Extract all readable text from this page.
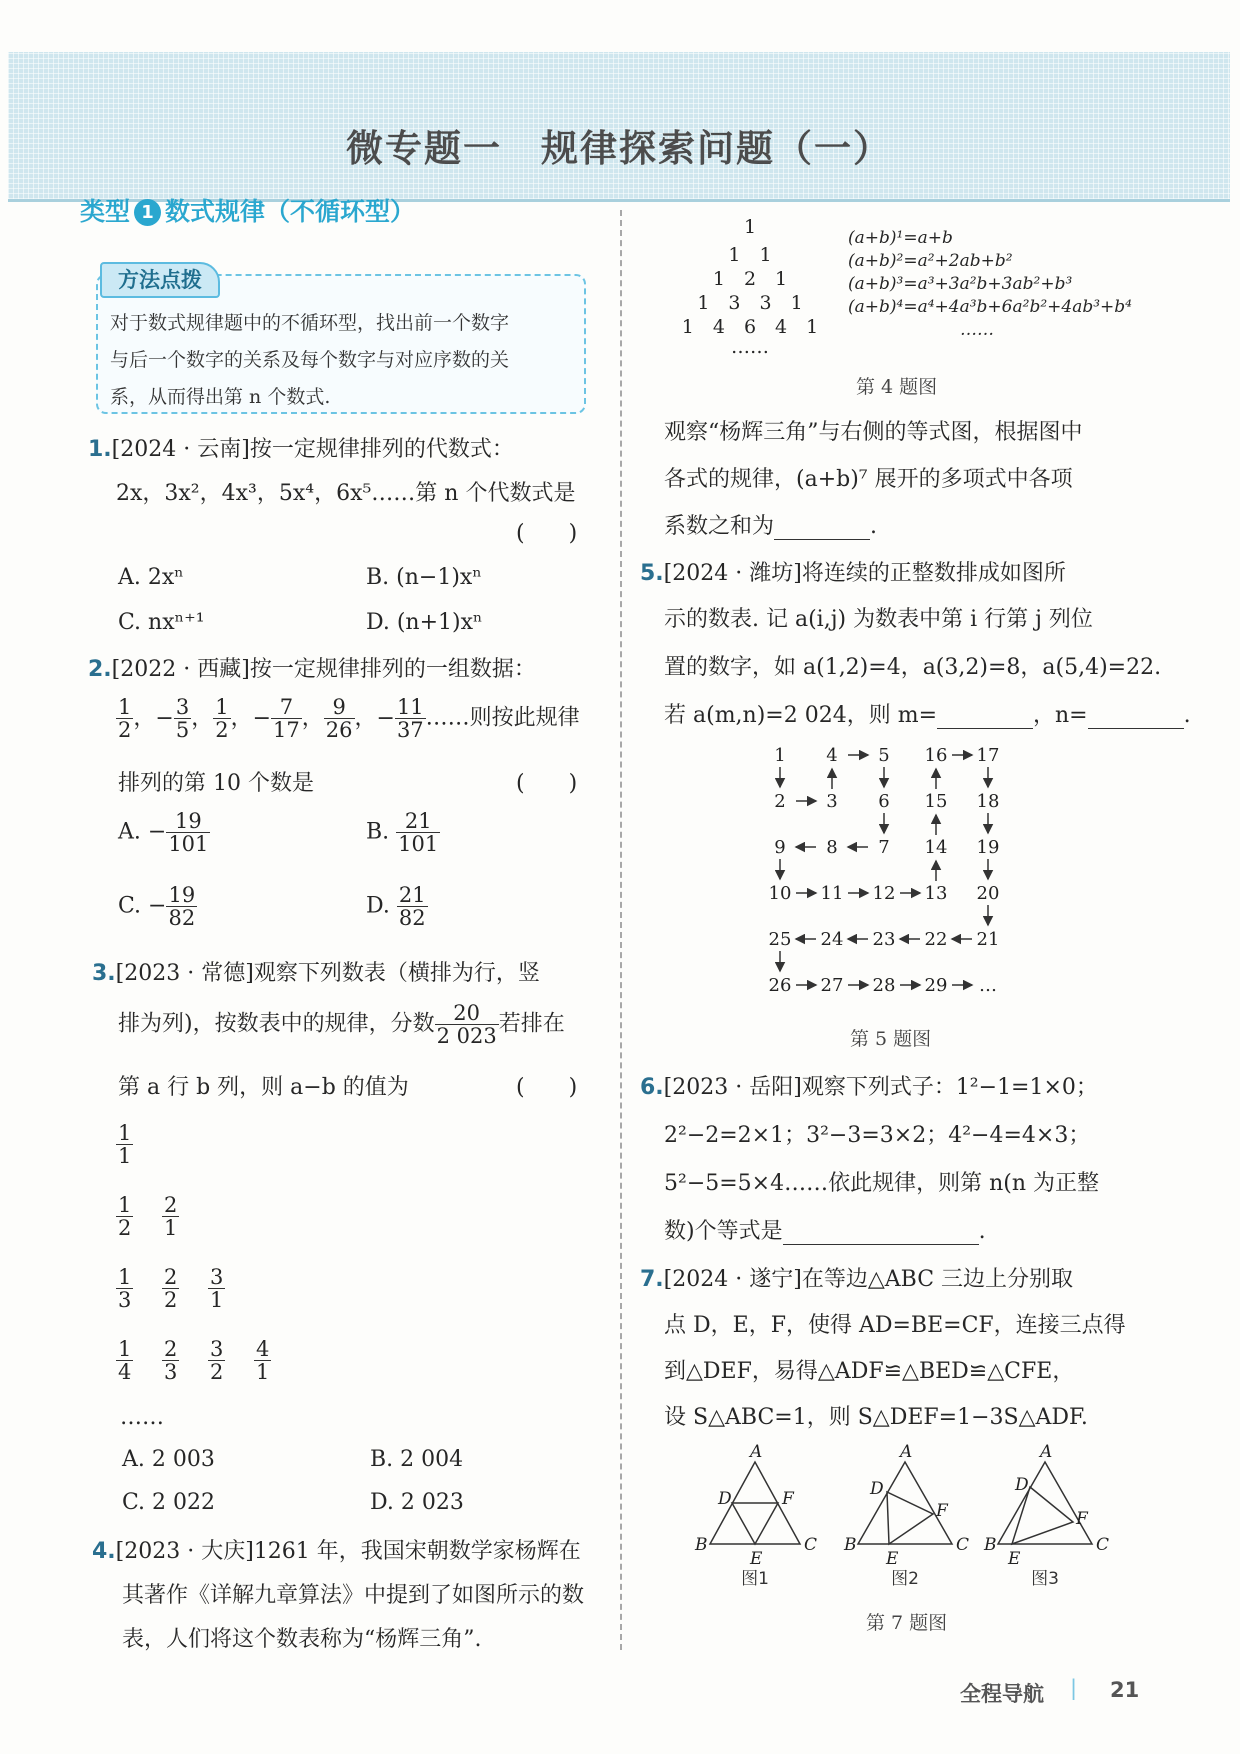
微专题一　规律探索问题（一）
类型 1 数式规律（不循环型）
方法点拨
对于数式规律题中的不循环型，找出前一个数字
与后一个数字的关系及每个数字与对应序数的关
系，从而得出第 n 个数式.
1.[2024 · 云南]按一定规律排列的代数式：
2x，3x²，4x³，5x⁴，6x⁵……第 n 个代数式是
(　　)
A. 2xⁿ	B. (n−1)xⁿ
C. nxⁿ⁺¹	D. (n+1)xⁿ
2.[2022 · 西藏]按一定规律排列的一组数据：
$\frac{1}{2}$ ，− $\frac{3}{5}$ ， $\frac{1}{2}$ ，− $\frac{7}{17}$ ， $\frac{9}{26}$ ，− $\frac{11}{37}$ ……则按此规律
排列的第 10 个数是	(　　)
A. − $\frac{19}{101}$	B. $\frac{21}{101}$
C. − $\frac{19}{82}$	D. $\frac{21}{82}$
3.[2023 · 常德]观察下列数表（横排为行，竖
排为列)，按数表中的规律，分数 $\frac{20}{2 023}$ 若排在
第 a 行 b 列，则 a−b 的值为	(　　)
$\frac{1}{1}$
$\frac{1}{2} \frac{2}{1}$
$\frac{1}{3} \frac{2}{2} \frac{3}{1}$
$\frac{1}{4} \frac{2}{3} \frac{3}{2} \frac{4}{1}$
……
A. 2 003	B. 2 004
C. 2 022	D. 2 023
4.[2023 · 大庆]1261 年，我国宋朝数学家杨辉在
其著作《详解九章算法》中提到了如图所示的数
表，人们将这个数表称为“杨辉三角”.
1
1　1
1　2　1
1　3　3　1
1　4　6　4　1
……
(a+b)¹=a+b
(a+b)²=a²+2ab+b²
(a+b)³=a³+3a²b+3ab²+b³
(a+b)⁴=a⁴+4a³b+6a²b²+4ab³+b⁴
……
第 4 题图
观察“杨辉三角”与右侧的等式图，根据图中
各式的规律，(a+b)⁷ 展开的多项式中各项
系数之和为	.
5.[2024 · 潍坊]将连续的正整数排成如图所
示的数表. 记 a(i,j) 为数表中第 i 行第 j 列位
置的数字，如 a(1,2)=4，a(3,2)=8，a(5,4)=22.
若 a(m,n)=2 024，则 m=	，n=	.
1 4 5 16 17
2 3 6 15 18
9 8 7 14 19
10 11 12 13 20
25 24 23 22 21
26 27 28 29 …
第 5 题图
6.[2023 · 岳阳]观察下列式子：1²−1=1×0；
2²−2=2×1；3²−3=3×2；4²−4=4×3；
5²−5=5×4……依此规律，则第 n(n 为正整
数)个等式是	.
7.[2024 · 遂宁]在等边△ABC 三边上分别取
点 D，E，F，使得 AD=BE=CF，连接三点得
到△DEF，易得△ADF≌△BED≌△CFE，
设 S△ABC=1，则 S△DEF=1−3S△ADF.
A
B	C
D	F
E
A
B	C
D
F
E
A
B	C
D
F
E
图1	图2	图3
第 7 题图
全程导航 | 21
